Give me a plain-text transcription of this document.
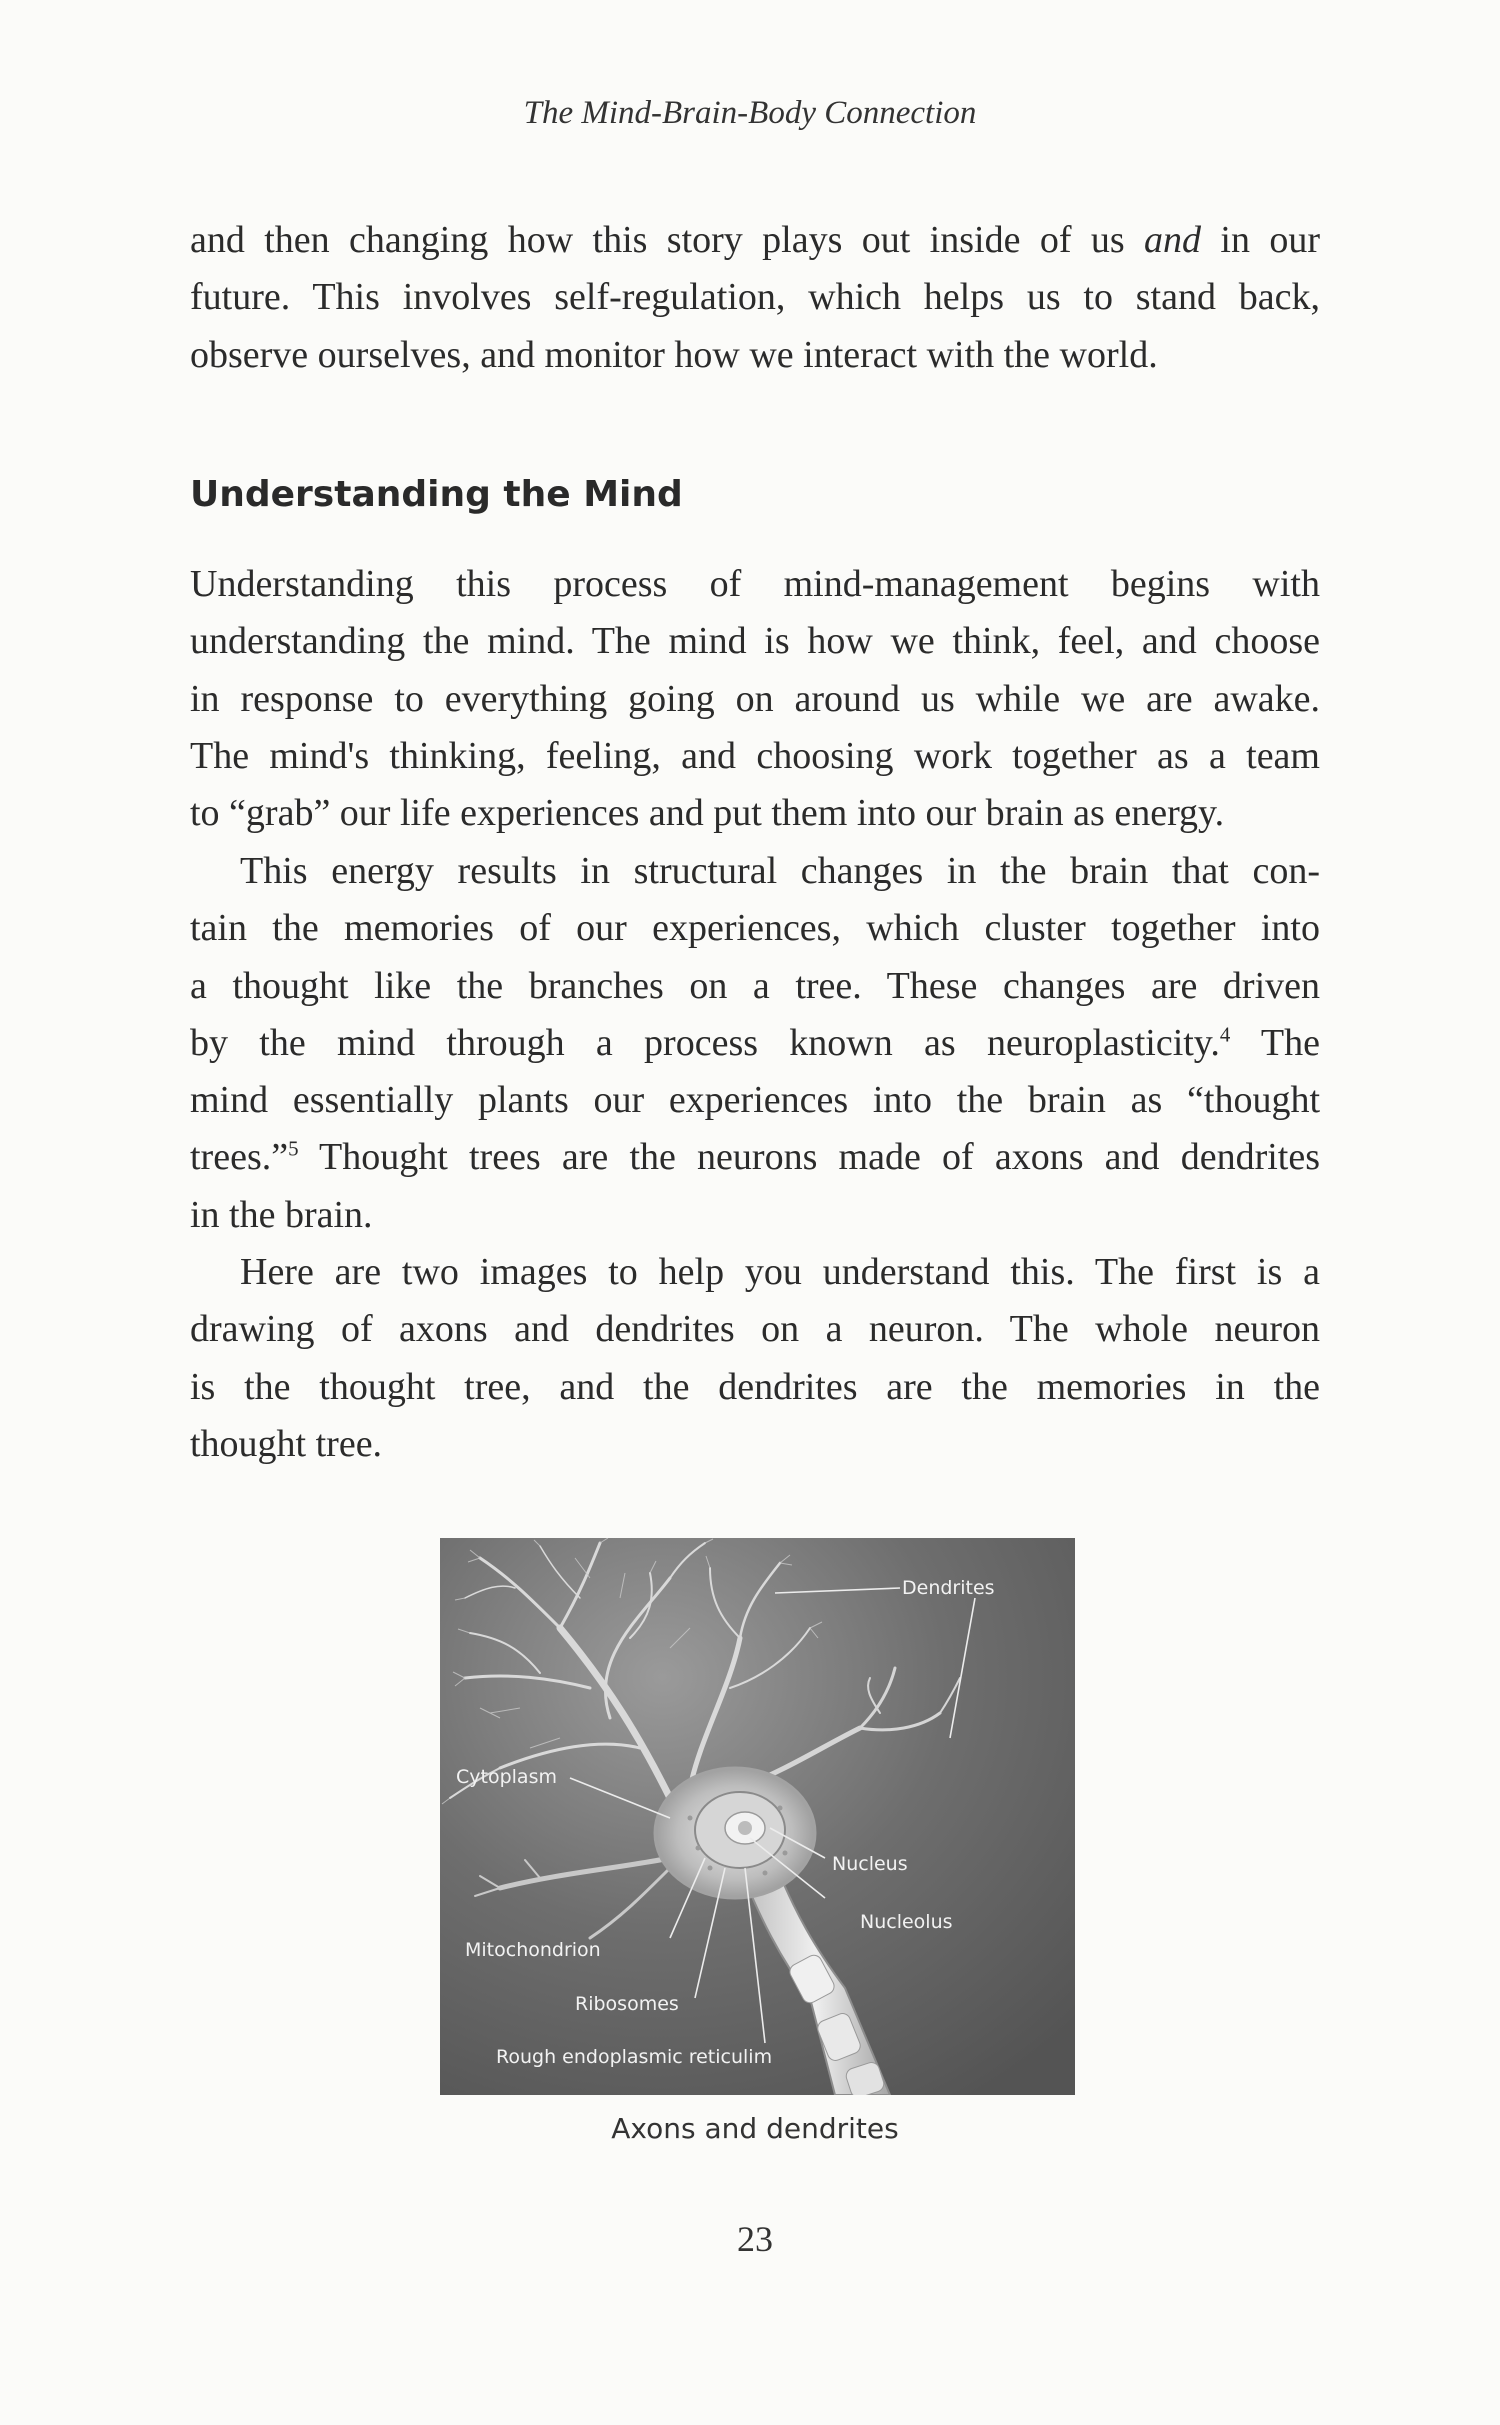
The Mind-Brain-Body Connection
and then changing how this story plays out inside of us and in our
future. This involves self-regulation, which helps us to stand back,
observe ourselves, and monitor how we interact with the world.
Understanding the Mind
Understanding this process of mind-management begins with
understanding the mind. The mind is how we think, feel, and choose
in response to everything going on around us while we are awake.
The mind's thinking, feeling, and choosing work together as a team
to “grab” our life experiences and put them into our brain as energy.
This energy results in structural changes in the brain that con-
tain the memories of our experiences, which cluster together into
a thought like the branches on a tree. These changes are driven
by the mind through a process known as neuroplasticity.$^4$ The
mind essentially plants our experiences into the brain as “thought
trees.”$^5$ Thought trees are the neurons made of axons and dendrites
in the brain.
Here are two images to help you understand this. The first is a
drawing of axons and dendrites on a neuron. The whole neuron
is the thought tree, and the dendrites are the memories in the
thought tree.
Dendrites
Cytoplasm
Nucleus
Nucleolus
Mitochondrion
Ribosomes
Rough endoplasmic reticulim
Axons and dendrites
23
